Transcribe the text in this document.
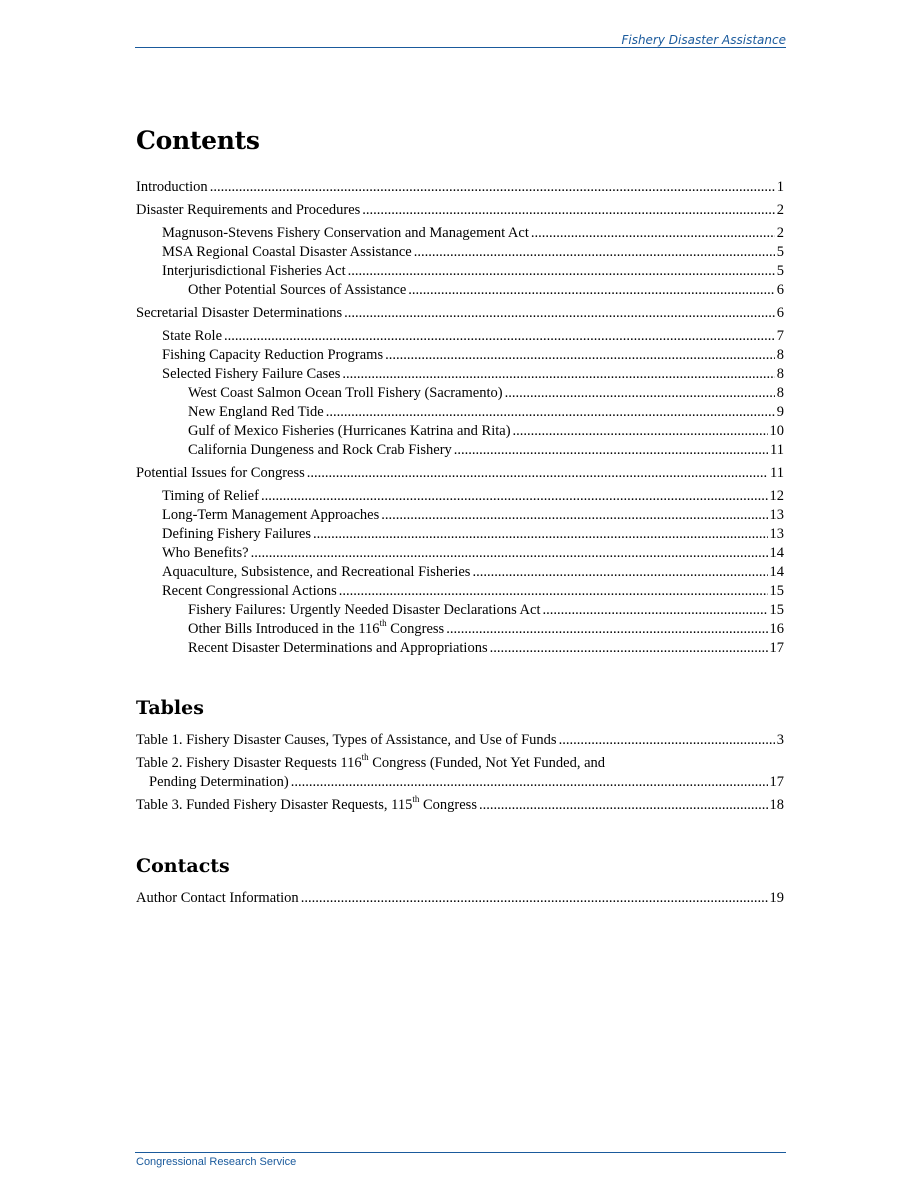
Fishery Disaster Assistance
Contents
Introduction .....	1
Disaster Requirements and Procedures .....	2
Magnuson-Stevens Fishery Conservation and Management Act .....	2
MSA Regional Coastal Disaster Assistance .....	5
Interjurisdictional Fisheries Act .....	5
Other Potential Sources of Assistance .....	6
Secretarial Disaster Determinations .....	6
State Role .....	7
Fishing Capacity Reduction Programs .....	8
Selected Fishery Failure Cases .....	8
West Coast Salmon Ocean Troll Fishery (Sacramento) .....	8
New England Red Tide .....	9
Gulf of Mexico Fisheries (Hurricanes Katrina and Rita) .....	10
California Dungeness and Rock Crab Fishery .....	11
Potential Issues for Congress .....	11
Timing of Relief .....	12
Long-Term Management Approaches .....	13
Defining Fishery Failures .....	13
Who Benefits? .....	14
Aquaculture, Subsistence, and Recreational Fisheries .....	14
Recent Congressional Actions .....	15
Fishery Failures: Urgently Needed Disaster Declarations Act .....	15
Other Bills Introduced in the 116th Congress .....	16
Recent Disaster Determinations and Appropriations .....	17
Tables
Table 1. Fishery Disaster Causes, Types of Assistance, and Use of Funds .....	3
Table 2. Fishery Disaster Requests 116th Congress (Funded, Not Yet Funded, and
Pending Determination) .....	17
Table 3. Funded Fishery Disaster Requests, 115th Congress .....	18
Contacts
Author Contact Information .....	19
Congressional Research Service
